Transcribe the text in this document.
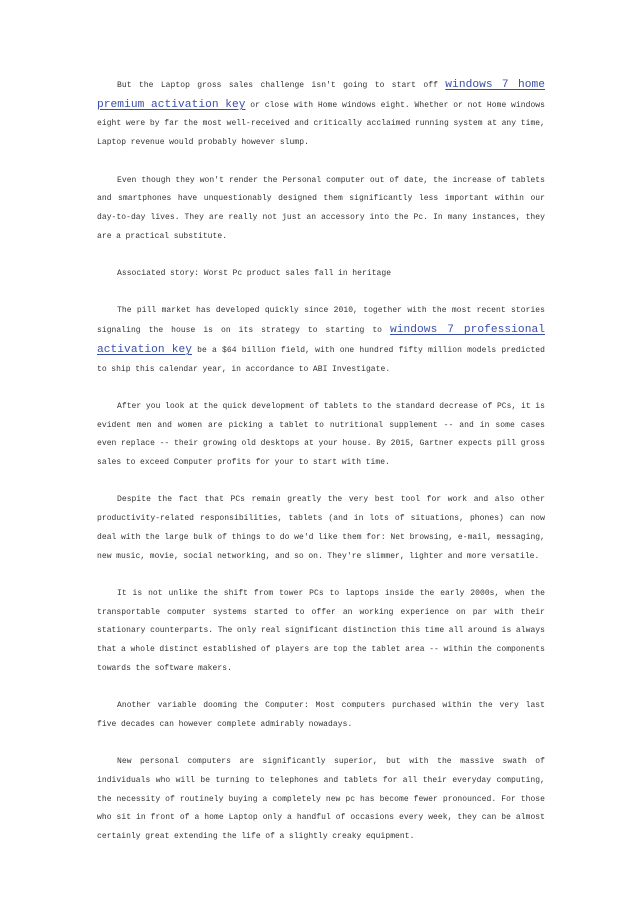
But the Laptop gross sales challenge isn't going to start off windows 7 home premium activation key or close with Home windows eight. Whether or not Home windows eight were by far the most well-received and critically acclaimed running system at any time, Laptop revenue would probably however slump.

Even though they won't render the Personal computer out of date, the increase of tablets and smartphones have unquestionably designed them significantly less important within our day-to-day lives. They are really not just an accessory into the Pc. In many instances, they are a practical substitute.

Associated story: Worst Pc product sales fall in heritage

The pill market has developed quickly since 2010, together with the most recent stories signaling the house is on its strategy to starting to windows 7 professional activation key be a $64 billion field, with one hundred fifty million models predicted to ship this calendar year, in accordance to ABI Investigate.

After you look at the quick development of tablets to the standard decrease of PCs, it is evident men and women are picking a tablet to nutritional supplement -- and in some cases even replace -- their growing old desktops at your house. By 2015, Gartner expects pill gross sales to exceed Computer profits for your to start with time.

Despite the fact that PCs remain greatly the very best tool for work and also other productivity-related responsibilities, tablets (and in lots of situations, phones) can now deal with the large bulk of things to do we'd like them for: Net browsing, e-mail, messaging, new music, movie, social networking, and so on. They're slimmer, lighter and more versatile.

It is not unlike the shift from tower PCs to laptops inside the early 2000s, when the transportable computer systems started to offer an working experience on par with their stationary counterparts. The only real significant distinction this time all around is always that a whole distinct established of players are top the tablet area -- within the components towards the software makers.

Another variable dooming the Computer: Most computers purchased within the very last five decades can however complete admirably nowadays.

New personal computers are significantly superior, but with the massive swath of individuals who will be turning to telephones and tablets for all their everyday computing, the necessity of routinely buying a completely new pc has become fewer pronounced. For those who sit in front of a home Laptop only a handful of occasions every week, they can be almost certainly great extending the life of a slightly creaky equipment.
